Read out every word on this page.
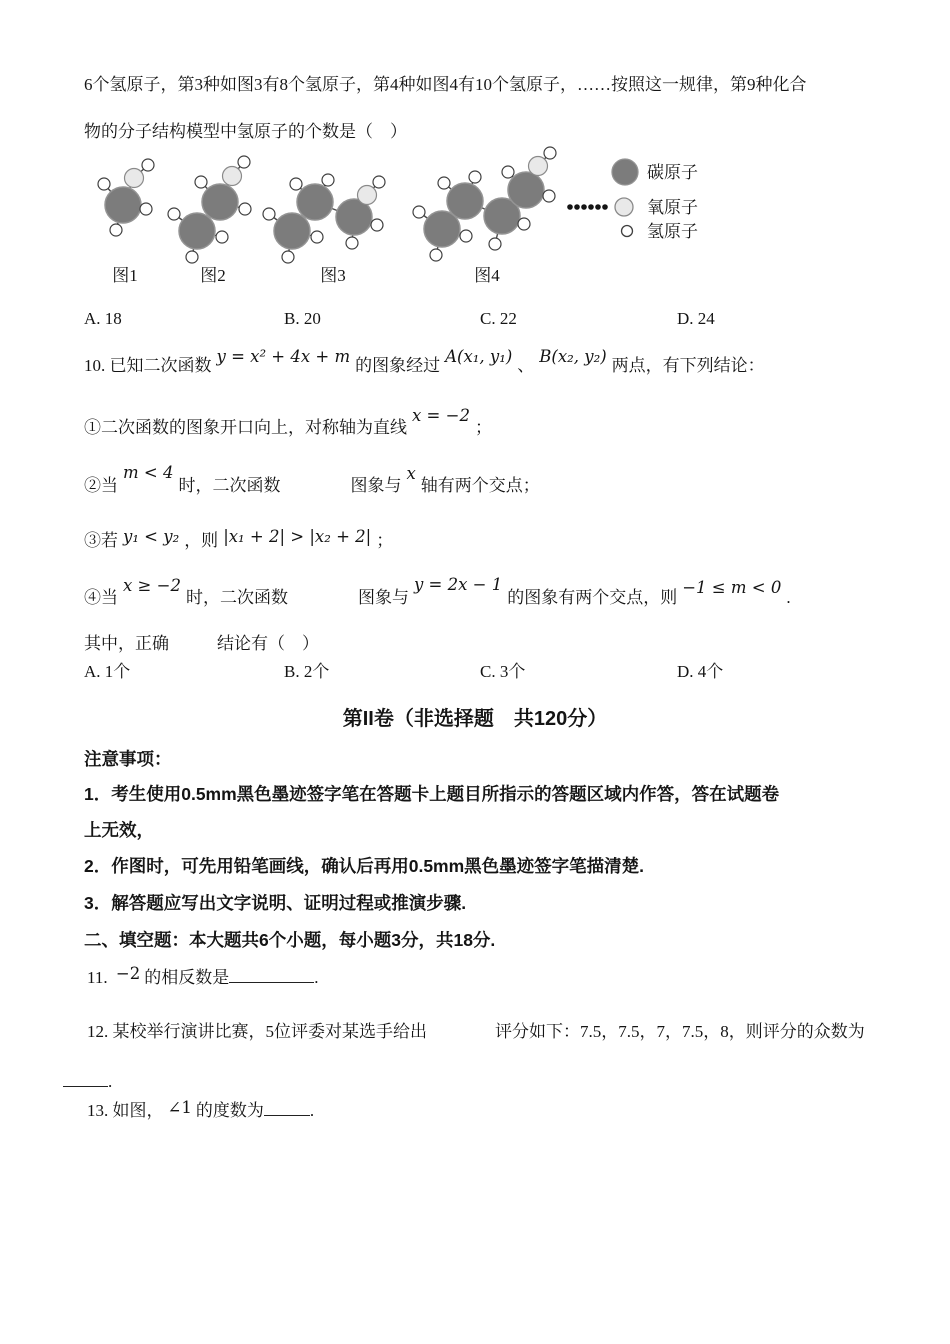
6个氢原子，第3种如图3有8个氢原子，第4种如图4有10个氢原子，……按照这一规律，第9种化合
物的分子结构模型中氢原子的个数是（　）
图1	图2	图3	图4
碳原子
氧原子
氢原子
A. 18	B. 20	C. 22	D. 24
10. 已知二次函数 y = x² + 4x + m 的图象经过 A(x₁, y₁) 、 B(x₂, y₂) 两点，有下列结论：
①二次函数的图象开口向上，对称轴为直线x = −2；
②当m < 4时，二次函数	图象与x轴有两个交点；
③若 y₁ < y₂ ，则 |x₁ + 2| > |x₂ + 2| ；
④当x ≥ −2时，二次函数	图象与y = 2x − 1的图象有两个交点，则−1 ≤ m < 0.
其中，正确	结论有（　）
A. 1个	B. 2个	C. 3个	D. 4个
第II卷（非选择题　共120分）
注意事项：
1．考生使用0.5mm黑色墨迹签字笔在答题卡上题目所指示的答题区域内作答，答在试题卷
上无效，
2．作图时，可先用铅笔画线，确认后再用0.5mm黑色墨迹签字笔描清楚.
3．解答题应写出文字说明、证明过程或推演步骤.
二、填空题：本大题共6个小题，每小题3分，共18分.
11. −2 的相反数是	.
12. 某校举行演讲比赛，5位评委对某选手给出	评分如下：7.5，7.5，7，7.5，8，则评分的众数为
.
13. 如图， ∠1 的度数为	.
